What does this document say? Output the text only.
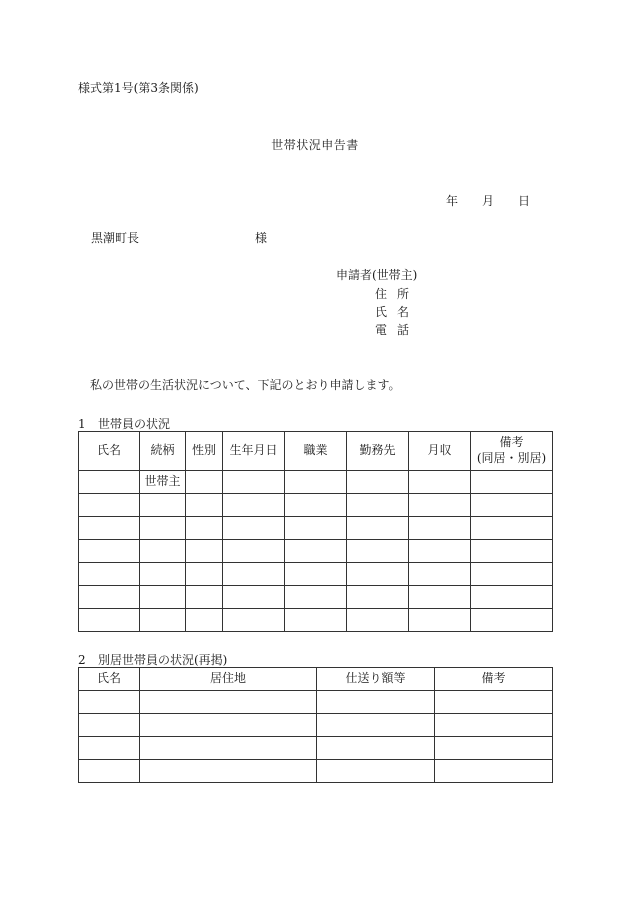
様式第1号(第3条関係)
世帯状況申告書
年 月 日
黒潮町長	様
申請者(世帯主)
住所
氏名
電話
私の世帯の生活状況について、下記のとおり申請します。
1 世帯員の状況
氏名	続柄	性別	生年月日	職業	勤務先	月収	備考
(同居・別居)
	世帯主						

2 別居世帯員の状況(再掲)
氏名	居住地	仕送り額等	備考
